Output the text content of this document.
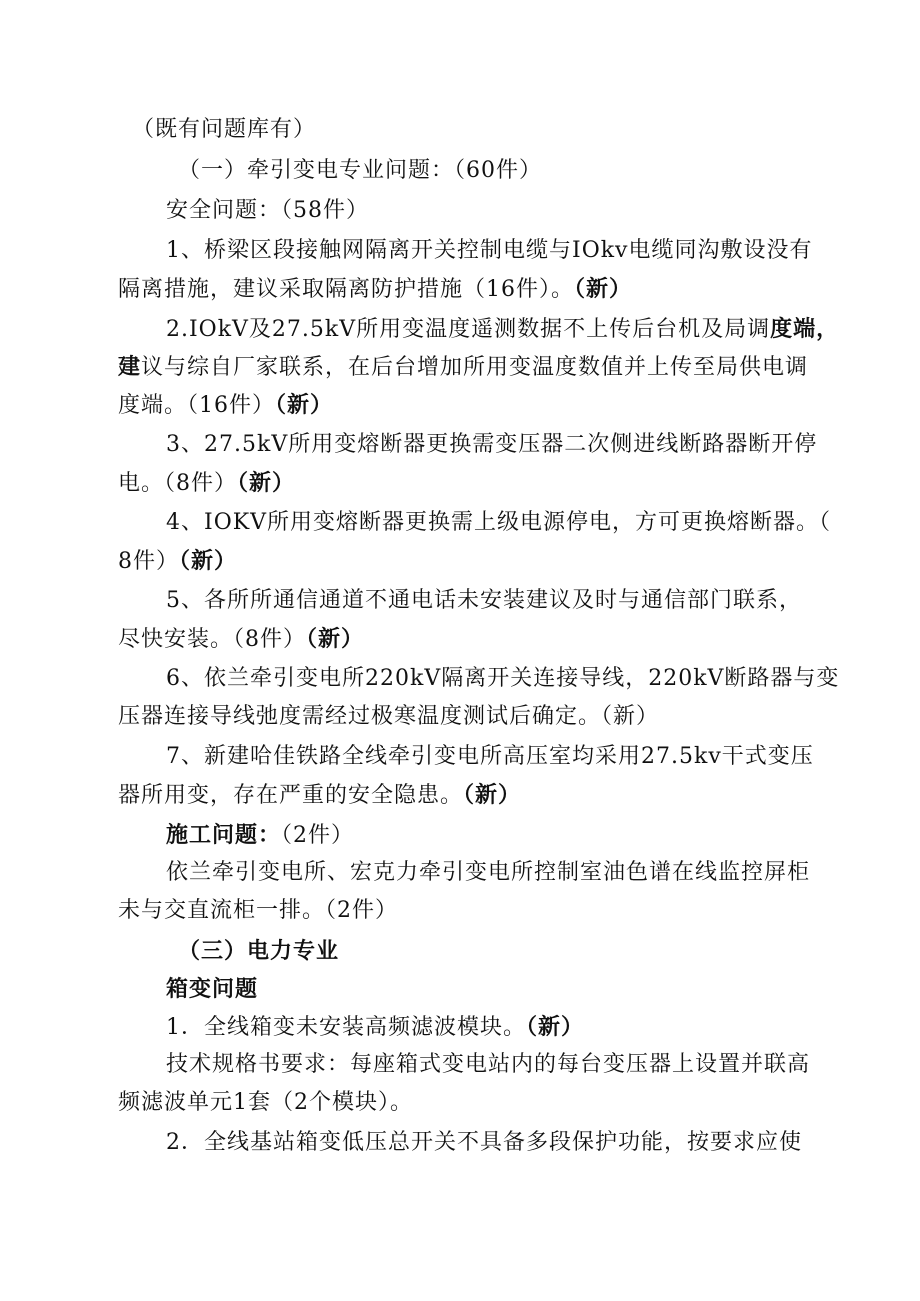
（既有问题库有）
（一）牵引变电专业问题：（60件）
安全问题：（58件）
1、桥梁区段接触网隔离开关控制电缆与IOkv电缆同沟敷设没有
隔离措施，建议采取隔离防护措施（16件）。（新）
2.IOkV及27.5kV所用变温度遥测数据不上传后台机及局调度端，
建议与综自厂家联系，在后台增加所用变温度数值并上传至局供电调
度端。（16件）（新）
3、27.5kV所用变熔断器更换需变压器二次侧进线断路器断开停
电。（8件）（新）
4、IOKV所用变熔断器更换需上级电源停电，方可更换熔断器。（
8件）（新）
5、各所所通信通道不通电话未安装建议及时与通信部门联系，
尽快安装。（8件）（新）
6、依兰牵引变电所220kV隔离开关连接导线，220kV断路器与变
压器连接导线弛度需经过极寒温度测试后确定。（新）
7、新建哈佳铁路全线牵引变电所高压室均采用27.5kv干式变压
器所用变，存在严重的安全隐患。（新）
施工问题：（2件）
依兰牵引变电所、宏克力牵引变电所控制室油色谱在线监控屏柜
未与交直流柜一排。（2件）
（三）电力专业
箱变问题
1．全线箱变未安装高频滤波模块。（新）
技术规格书要求：每座箱式变电站内的每台变压器上设置并联高
频滤波单元1套（2个模块）。
2．全线基站箱变低压总开关不具备多段保护功能，按要求应使
